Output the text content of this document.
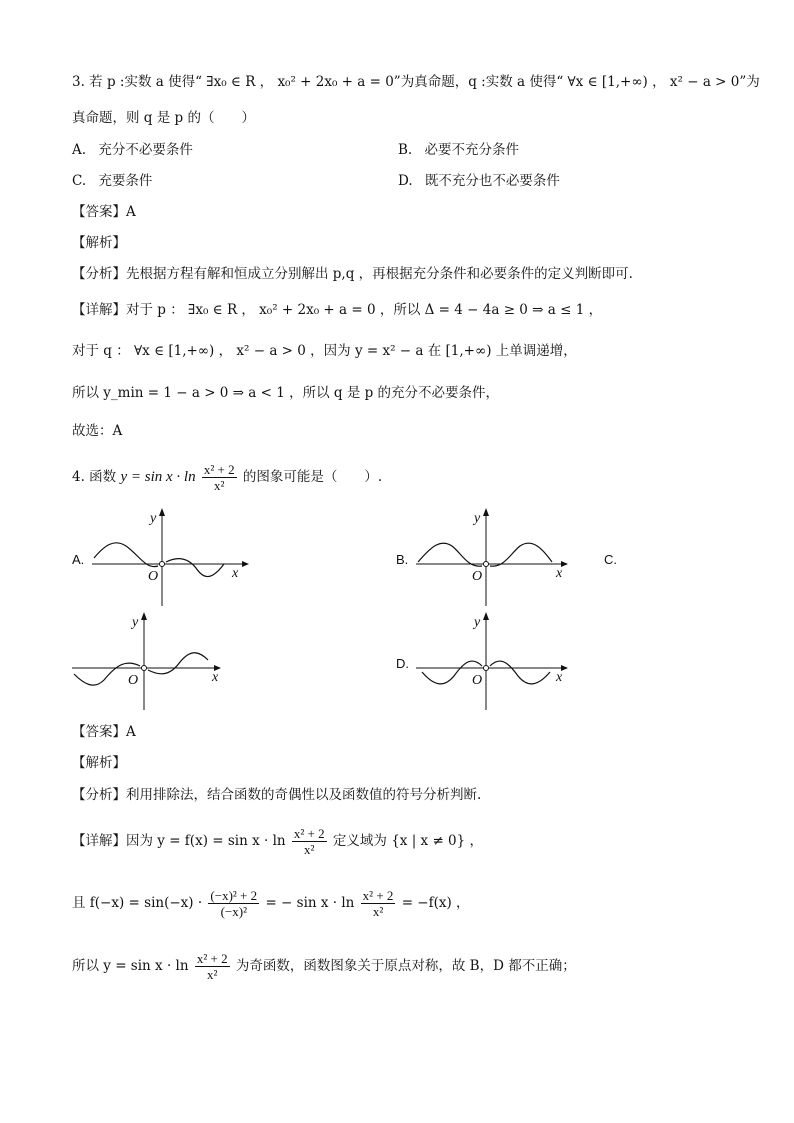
3. 若 p :实数 a 使得“ ∃x₀ ∈ R ， x₀² + 2x₀ + a = 0”为真命题，q :实数 a 使得“ ∀x ∈ [1,+∞) ， x² − a > 0”为
真命题，则 q 是 p 的（　　）
A. 充分不必要条件	B. 必要不充分条件
C. 充要条件	D. 既不充分也不必要条件
【答案】A
【解析】
【分析】先根据方程有解和恒成立分别解出 p,q ，再根据充分条件和必要条件的定义判断即可.
【详解】对于 p ： ∃x₀ ∈ R ， x₀² + 2x₀ + a = 0 ，所以 Δ = 4 − 4a ≥ 0 ⇒ a ≤ 1 ，
对于 q ： ∀x ∈ [1,+∞) ， x² − a > 0 ，因为 y = x² − a 在 [1,+∞) 上单调递增，
所以 y_min = 1 − a > 0 ⇒ a < 1 ，所以 q 是 p 的充分不必要条件，
故选：A
4. 函数 $y = \sin x \cdot \ln \frac{\text{x² + 2}}{\text{x²}}$ 的图象可能是（　　）.
A.	B.	C.
D.
x
y
O	x
y
O
x
y
O	x
y
O
【答案】A
【解析】
【分析】利用排除法，结合函数的奇偶性以及函数值的符号分析判断.
【详解】因为 $y = f(x) = \sin x \cdot \ln \frac{\text{x² + 2}}{\text{x²}}$ 定义域为 {x | x ≠ 0} ，
且 $f(-x) = \sin(-x) \cdot \frac{\text{(−x)² + 2}}{\text{(−x)²}}$ = − $\sin x \cdot \ln \frac{\text{x² + 2}}{\text{x²}} = -f(x)$ ，
所以 $y = \sin x \cdot \ln \frac{\text{x² + 2}}{\text{x²}}$ 为奇函数，函数图象关于原点对称，故 B，D 都不正确；
